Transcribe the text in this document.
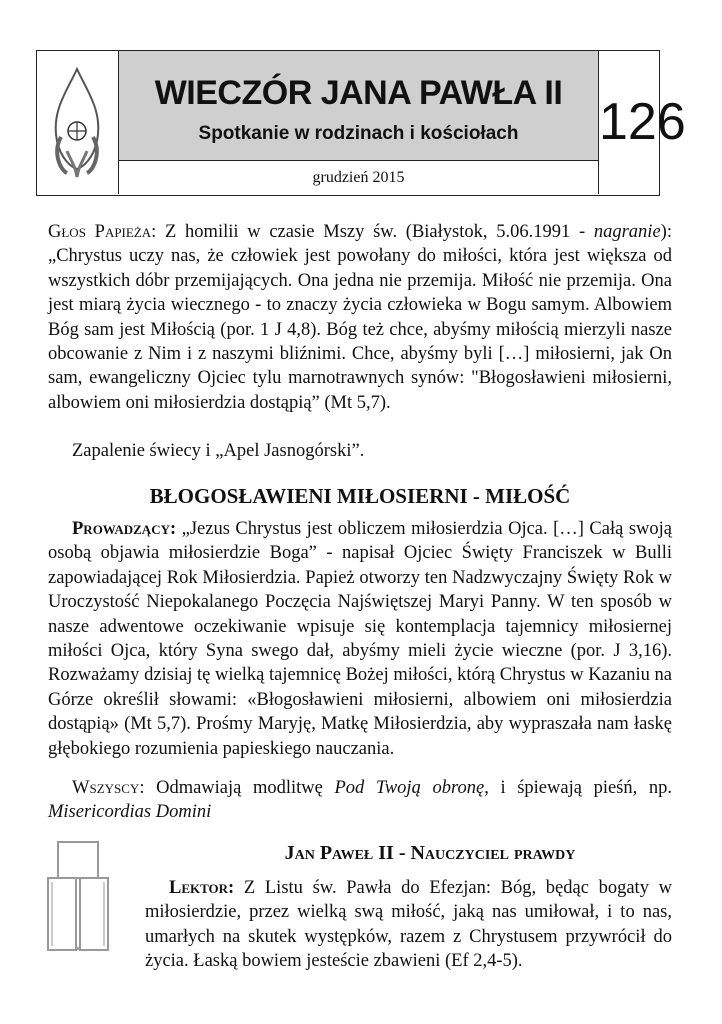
WIECZÓR JANA PAWŁA II
Spotkanie w rodzinach i kościołach
grudzień 2015
126
Głos Papieża: Z homilii w czasie Mszy św. (Białystok, 5.06.1991 - nagranie): „Chrystus uczy nas, że człowiek jest powołany do miłości, która jest większa od wszystkich dóbr przemijających. Ona jedna nie przemija. Miłość nie przemija. Ona jest miarą życia wiecznego - to znaczy życia człowieka w Bogu samym. Albowiem Bóg sam jest Miłością (por. 1 J 4,8). Bóg też chce, abyśmy miłością mierzyli nasze obcowanie z Nim i z naszymi bliźnimi. Chce, abyśmy byli […] miłosierni, jak On sam, ewangeliczny Ojciec tylu marnotrawnych synów: "Błogosławieni miłosierni, albowiem oni miłosierdzia dostąpią” (Mt 5,7).
Zapalenie świecy i „Apel Jasnogórski”.
BŁOGOSŁAWIENI MIŁOSIERNI - MIŁOŚĆ
Prowadzący: „Jezus Chrystus jest obliczem miłosierdzia Ojca. […] Całą swoją osobą objawia miłosierdzie Boga” - napisał Ojciec Święty Franciszek w Bulli zapowiadającej Rok Miłosierdzia. Papież otworzy ten Nadzwyczajny Święty Rok w Uroczystość Niepokalanego Poczęcia Najświętszej Maryi Panny. W ten sposób w nasze adwentowe oczekiwanie wpisuje się kontemplacja tajemnicy miłosiernej miłości Ojca, który Syna swego dał, abyśmy mieli życie wieczne (por. J 3,16). Rozważamy dzisiaj tę wielką tajemnicę Bożej miłości, którą Chrystus w Kazaniu na Górze określił słowami: «Błogosławieni miłosierni, albowiem oni miłosierdzia dostąpią» (Mt 5,7). Prośmy Maryję, Matkę Miłosierdzia, aby wypraszała nam łaskę głębokiego rozumienia papieskiego nauczania.
Wszyscy: Odmawiają modlitwę Pod Twoją obronę, i śpiewają pieśń, np. Misericordias Domini
Jan Paweł II - Nauczyciel prawdy
Lektor: Z Listu św. Pawła do Efezjan: Bóg, będąc bogaty w miłosierdzie, przez wielką swą miłość, jaką nas umiłował, i to nas, umarłych na skutek występków, razem z Chrystusem przywrócił do życia. Łaską bowiem jesteście zbawieni (Ef 2,4-5).
